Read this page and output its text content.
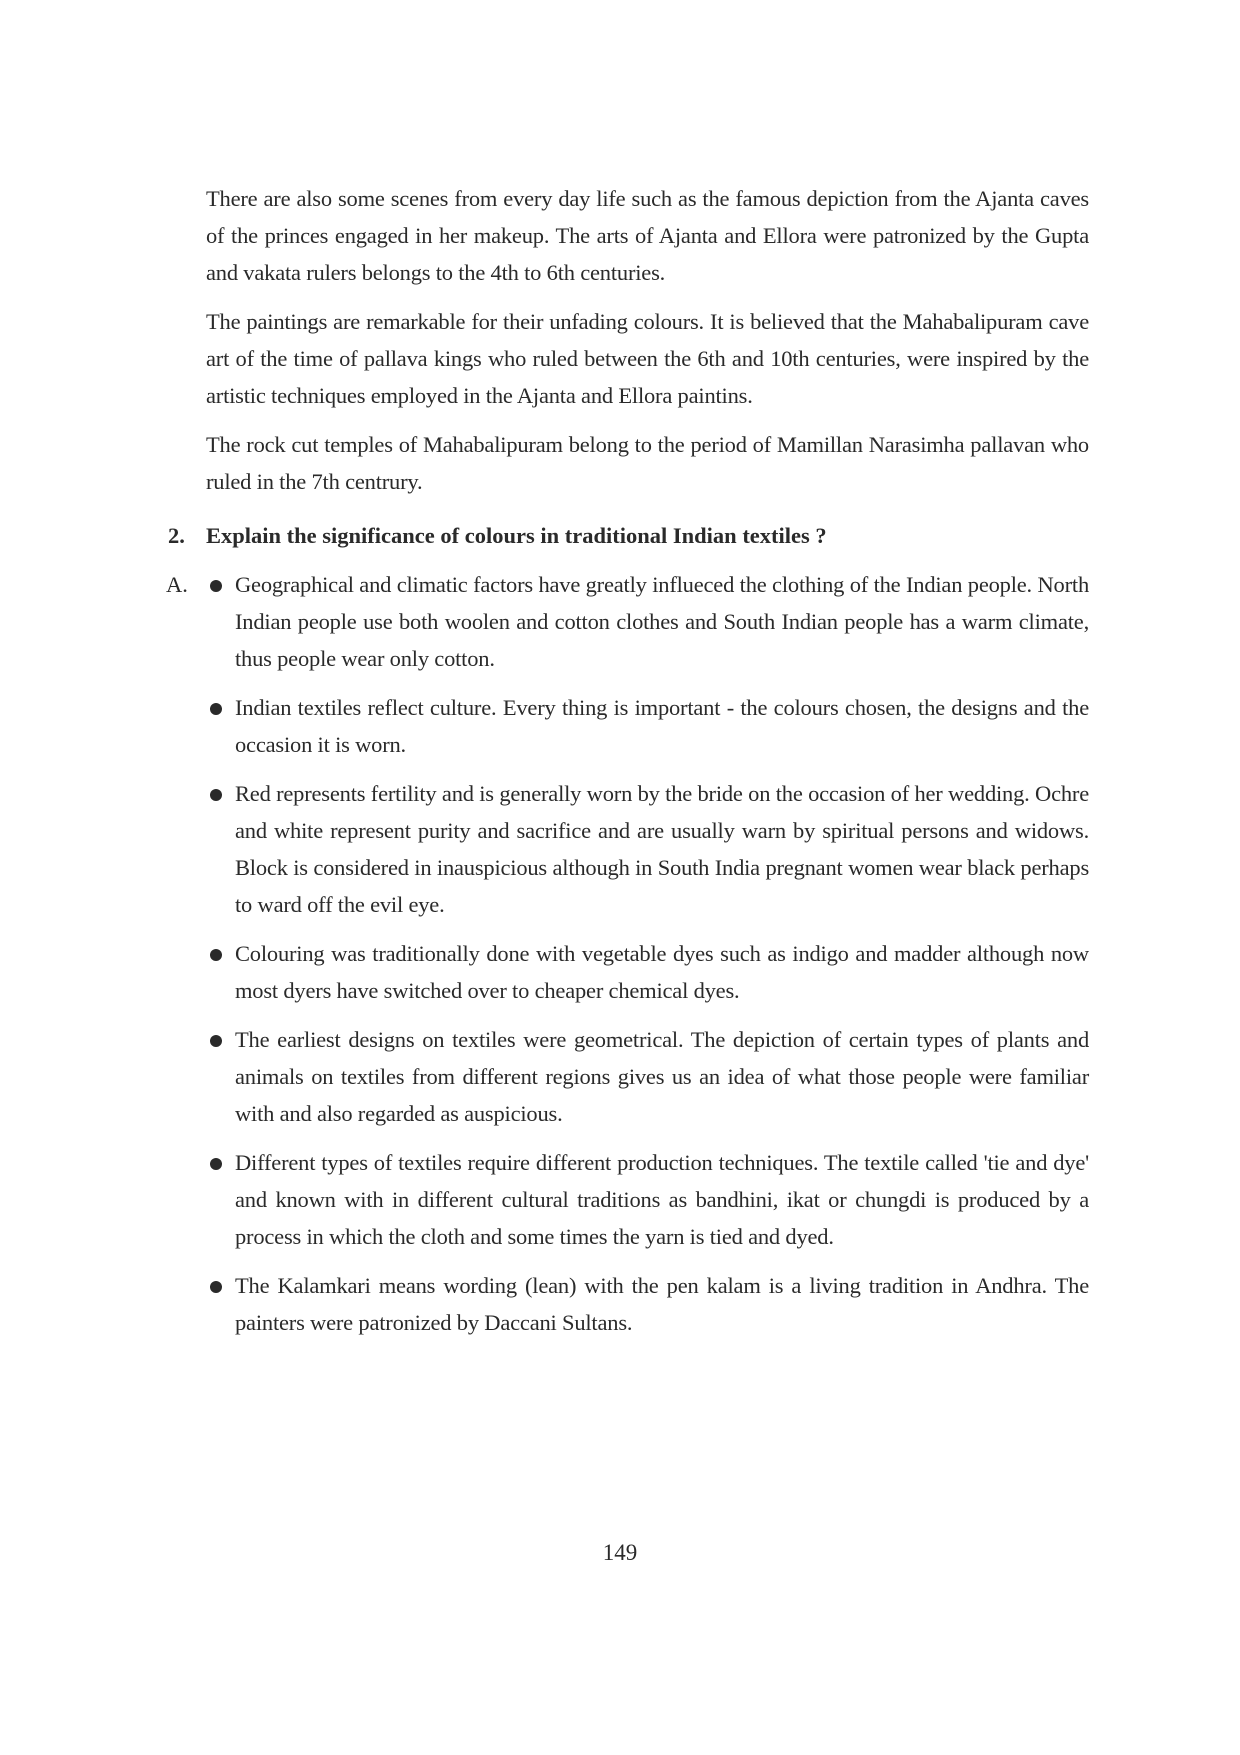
There are also some scenes from every day life such as the famous depiction from the Ajanta caves of the princes engaged in her makeup. The arts of Ajanta and Ellora were patronized by the Gupta and vakata rulers belongs to the 4th to 6th centuries.

The paintings are remarkable for their unfading colours. It is believed that the Mahabalipuram cave art of the time of pallava kings who ruled between the 6th and 10th centuries, were inspired by the artistic techniques employed in the Ajanta and Ellora paintins.

The rock cut temples of Mahabalipuram belong to the period of Mamillan Narasimha pallavan who ruled in the 7th centrury.

2. Explain the significance of colours in traditional Indian textiles ?

A. Geographical and climatic factors have greatly influeced the clothing of the Indian people. North Indian people use both woolen and cotton clothes and South Indian people has a warm climate, thus people wear only cotton.

Indian textiles reflect culture. Every thing is important - the colours chosen, the designs and the occasion it is worn.

Red represents fertility and is generally worn by the bride on the occasion of her wedding. Ochre and white represent purity and sacrifice and are usually warn by spiritual persons and widows. Block is considered in inauspicious although in South India pregnant women wear black perhaps to ward off the evil eye.

Colouring was traditionally done with vegetable dyes such as indigo and madder although now most dyers have switched over to cheaper chemical dyes.

The earliest designs on textiles were geometrical. The depiction of certain types of plants and animals on textiles from different regions gives us an idea of what those people were familiar with and also regarded as auspicious.

Different types of textiles require different production techniques. The textile called 'tie and dye' and known with in different cultural traditions as bandhini, ikat or chungdi is produced by a process in which the cloth and some times the yarn is tied and dyed.

The Kalamkari means wording (lean) with the pen kalam is a living tradition in Andhra. The painters were patronized by Daccani Sultans.

149
